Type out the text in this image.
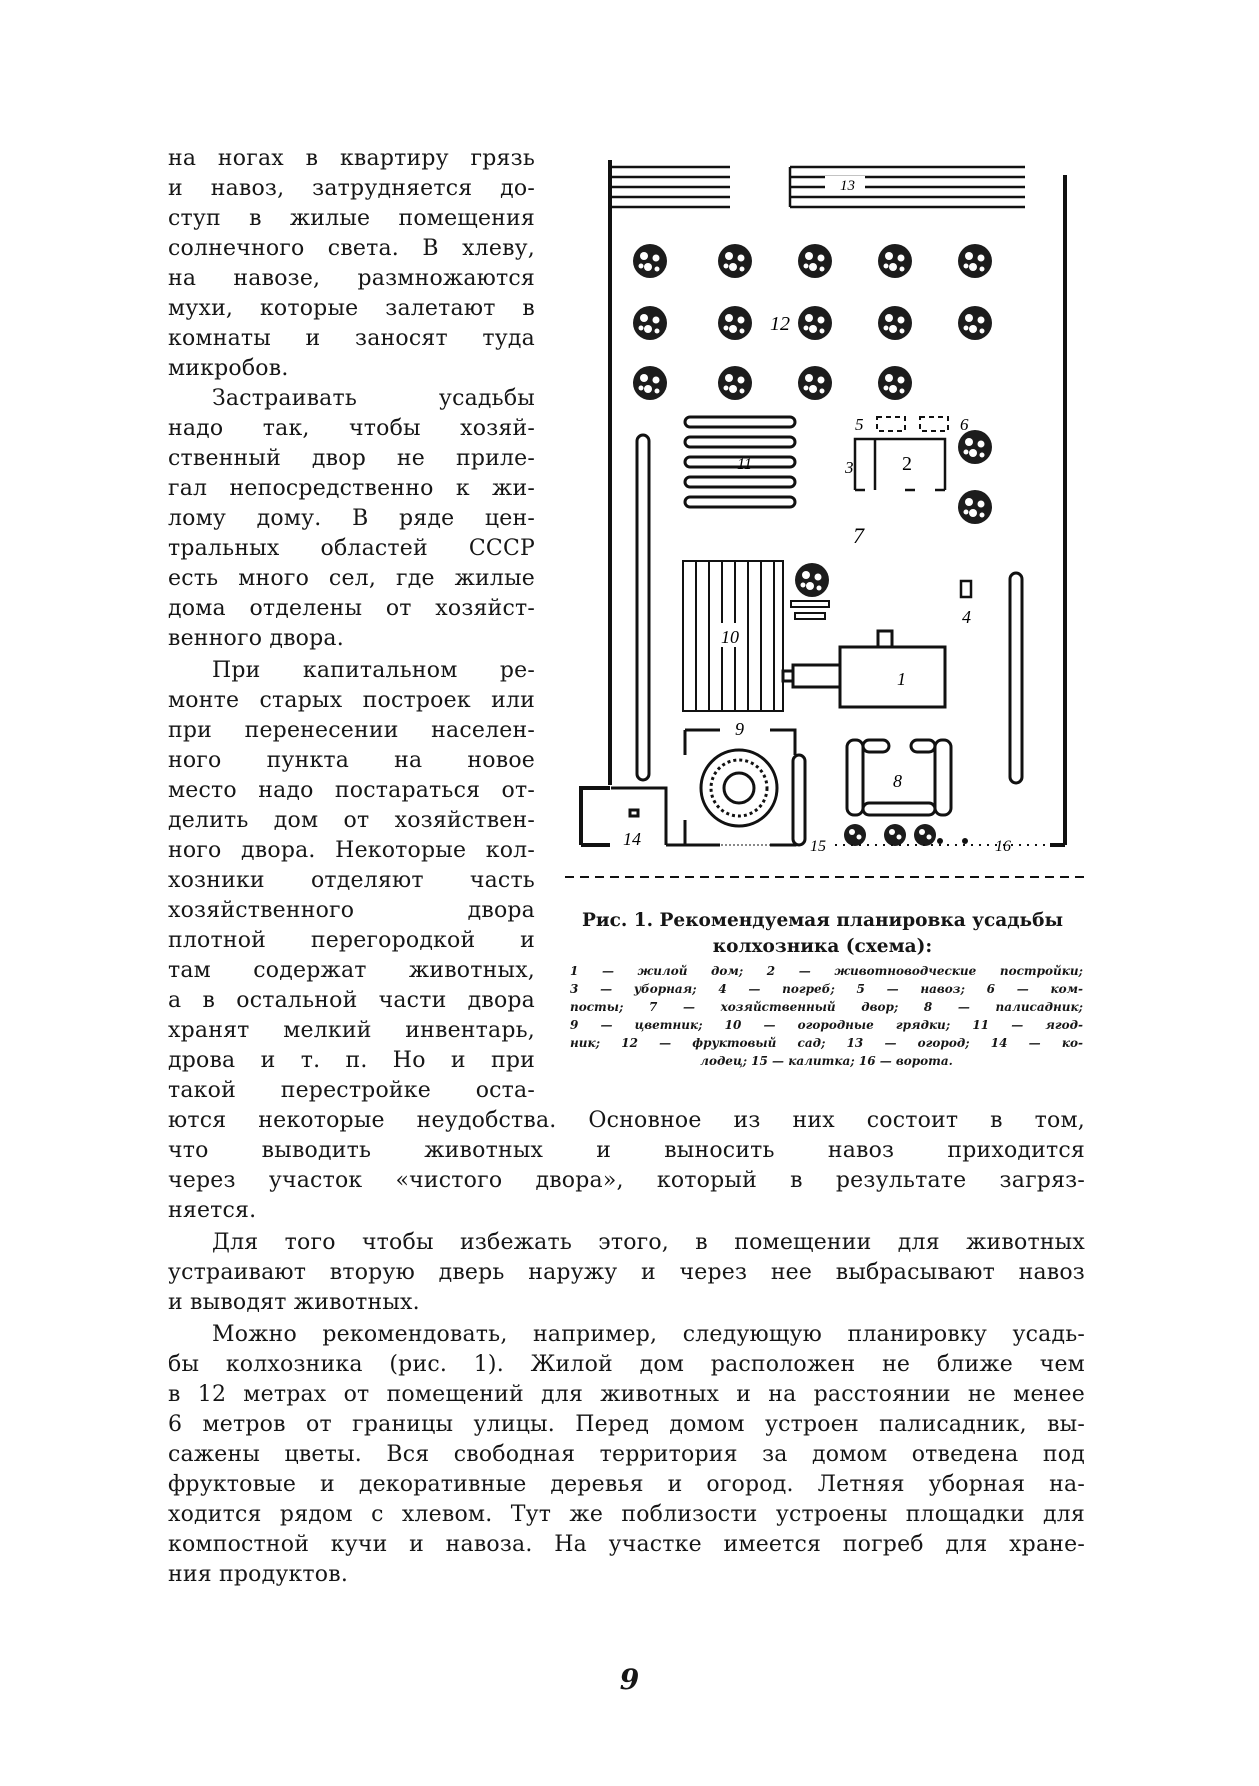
на ногах в квартиру грязь
и навоз, затрудняется до-
ступ в жилые помещения
солнечного света. В хлеву,
на навозе, размножаются
мухи, которые залетают в
комнаты и заносят туда
микробов.
Застраивать усадьбы
надо так, чтобы хозяй-
ственный двор не приле-
гал непосредственно к жи-
лому дому. В ряде цен-
тральных областей СССР
есть много сел, где жилые
дома отделены от хозяйст-
венного двора.
При капитальном ре-
монте старых построек или
при перенесении населен-
ного пункта на новое
место надо постараться от-
делить дом от хозяйствен-
ного двора. Некоторые кол-
хозники отделяют часть
хозяйственного двора
плотной перегородкой и
там содержат животных,
а в остальной части двора
хранят мелкий инвентарь,
дрова и т. п. Но и при
такой перестройке оста-
13
12
11
5	6
3 2
7
10
4
1
9
8
14	15	16
Рис. 1. Рекомендуемая планировка усадьбы
колхозника (схема):
1 — жилой дом; 2 — животноводческие постройки;
3 — уборная; 4 — погреб; 5 — навоз; 6 — ком-
посты; 7 — хозяйственный двор; 8 — палисадник;
9 — цветник; 10 — огородные грядки; 11 — ягод-
ник; 12 — фруктовый сад; 13 — огород; 14 — ко-
лодец; 15 — калитка; 16 — ворота.
ются некоторые неудобства. Основное из них состоит в том,
что выводить животных и выносить навоз приходится
через участок «чистого двора», который в результате загряз-
няется.
Для того чтобы избежать этого, в помещении для животных
устраивают вторую дверь наружу и через нее выбрасывают навоз
и выводят животных.
Можно рекомендовать, например, следующую планировку усадь-
бы колхозника (рис. 1). Жилой дом расположен не ближе чем
в 12 метрах от помещений для животных и на расстоянии не менее
6 метров от границы улицы. Перед домом устроен палисадник, вы-
сажены цветы. Вся свободная территория за домом отведена под
фруктовые и декоративные деревья и огород. Летняя уборная на-
ходится рядом с хлевом. Тут же поблизости устроены площадки для
компостной кучи и навоза. На участке имеется погреб для хране-
ния продуктов.
9
